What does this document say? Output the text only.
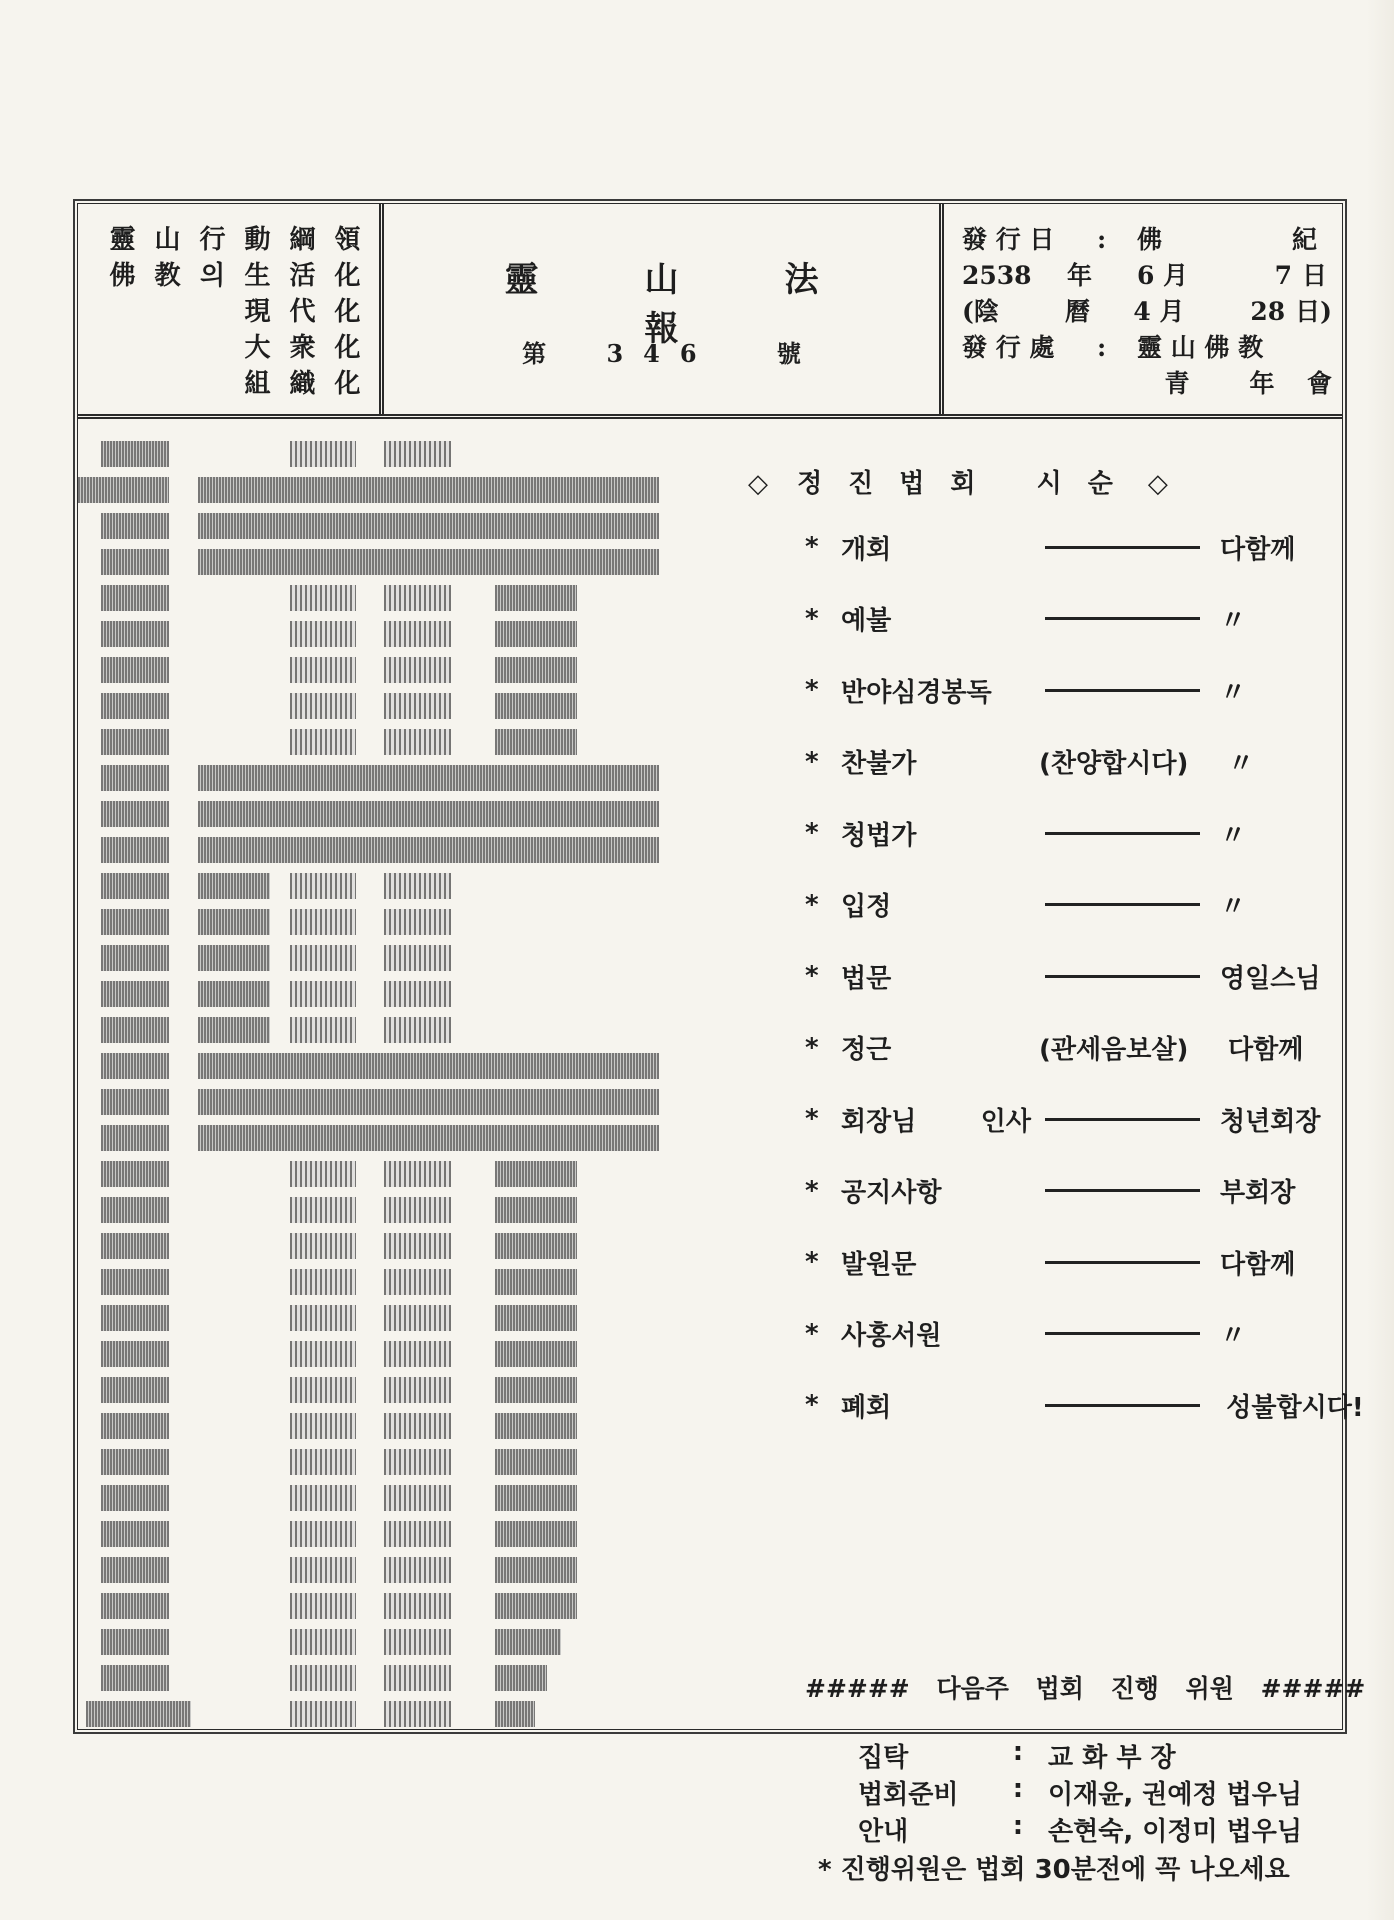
靈 山 行 動 綱 領
佛 教 의 生 活 化
現 代 化
大 衆 化
組 織 化
靈	山	法報
第	346	號
發 行 日	:	佛	紀
2538	年	6 月	7 日
(陰	曆	4 月	28 日)
發 行 處	:	靈 山 佛 教
青	年	會
◇ 정진법회 시순 ◇
* 개회	다함께
* 예불	〃
* 반야심경봉독	〃
* 찬불가	(찬양합시다)	〃
* 청법가	〃
* 입정	〃
* 법문	영일스님
* 정근	(관세음보살)	다함께
* 회장님 인사	청년회장
* 공지사항	부회장
* 발원문	다함께
* 사홍서원	〃
* 폐회	성불합시다!
##### 다음주 법회 진행 위원 #####
집탁	: 교 화 부 장
법회준비	: 이재윤, 권예정 법우님
안내	: 손현숙, 이정미 법우님
* 진행위원은 법회 30분전에 꼭 나오세요
